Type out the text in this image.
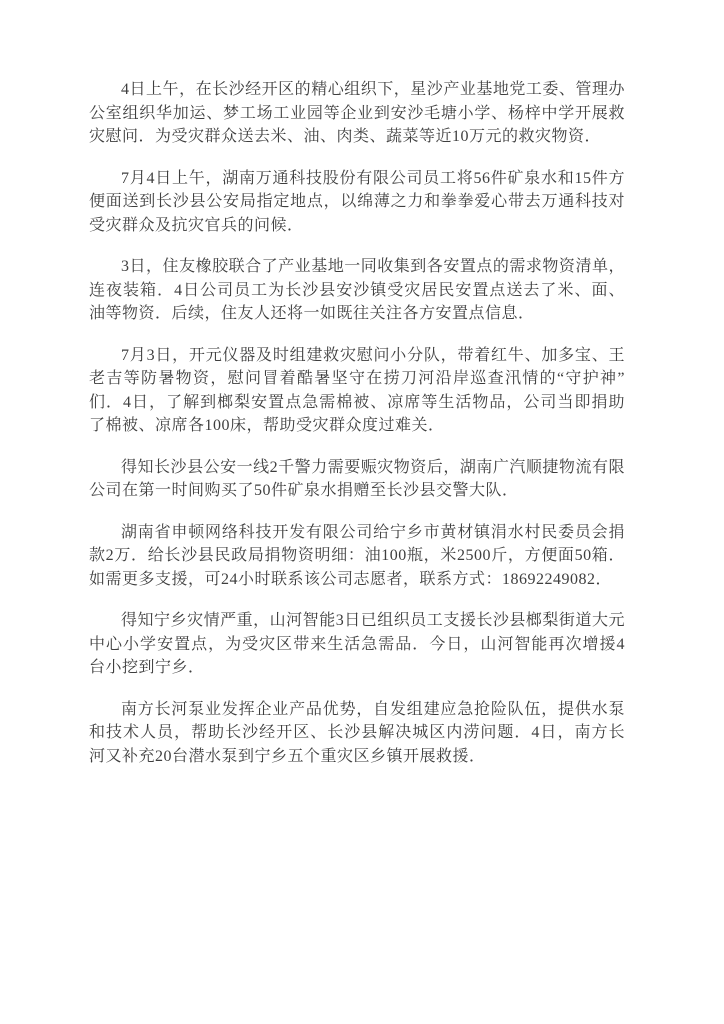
4日上午，在长沙经开区的精心组织下，星沙产业基地党工委、管理办公室组织华加运、梦工场工业园等企业到安沙毛塘小学、杨梓中学开展救灾慰问．为受灾群众送去米、油、肉类、蔬菜等近10万元的救灾物资．

7月4日上午，湖南万通科技股份有限公司员工将56件矿泉水和15件方便面送到长沙县公安局指定地点，以绵薄之力和拳拳爱心带去万通科技对受灾群众及抗灾官兵的问候．

3日，住友橡胶联合了产业基地一同收集到各安置点的需求物资清单，连夜装箱．4日公司员工为长沙县安沙镇受灾居民安置点送去了米、面、油等物资．后续，住友人还将一如既往关注各方安置点信息．

7月3日，开元仪器及时组建救灾慰问小分队，带着红牛、加多宝、王老吉等防暑物资，慰问冒着酷暑坚守在捞刀河沿岸巡查汛情的“守护神”们．4日，了解到榔梨安置点急需棉被、凉席等生活物品，公司当即捐助了棉被、凉席各100床，帮助受灾群众度过难关．

得知长沙县公安一线2千警力需要赈灾物资后，湖南广汽顺捷物流有限公司在第一时间购买了50件矿泉水捐赠至长沙县交警大队．

湖南省申顿网络科技开发有限公司给宁乡市黄材镇涓水村民委员会捐款2万．给长沙县民政局捐物资明细：油100瓶，米2500斤，方便面50箱．如需更多支援，可24小时联系该公司志愿者，联系方式：18692249082．

得知宁乡灾情严重，山河智能3日已组织员工支援长沙县榔梨街道大元中心小学安置点，为受灾区带来生活急需品．今日，山河智能再次增援4台小挖到宁乡．

南方长河泵业发挥企业产品优势，自发组建应急抢险队伍，提供水泵和技术人员，帮助长沙经开区、长沙县解决城区内涝问题．4日，南方长河又补充20台潜水泵到宁乡五个重灾区乡镇开展救援．
